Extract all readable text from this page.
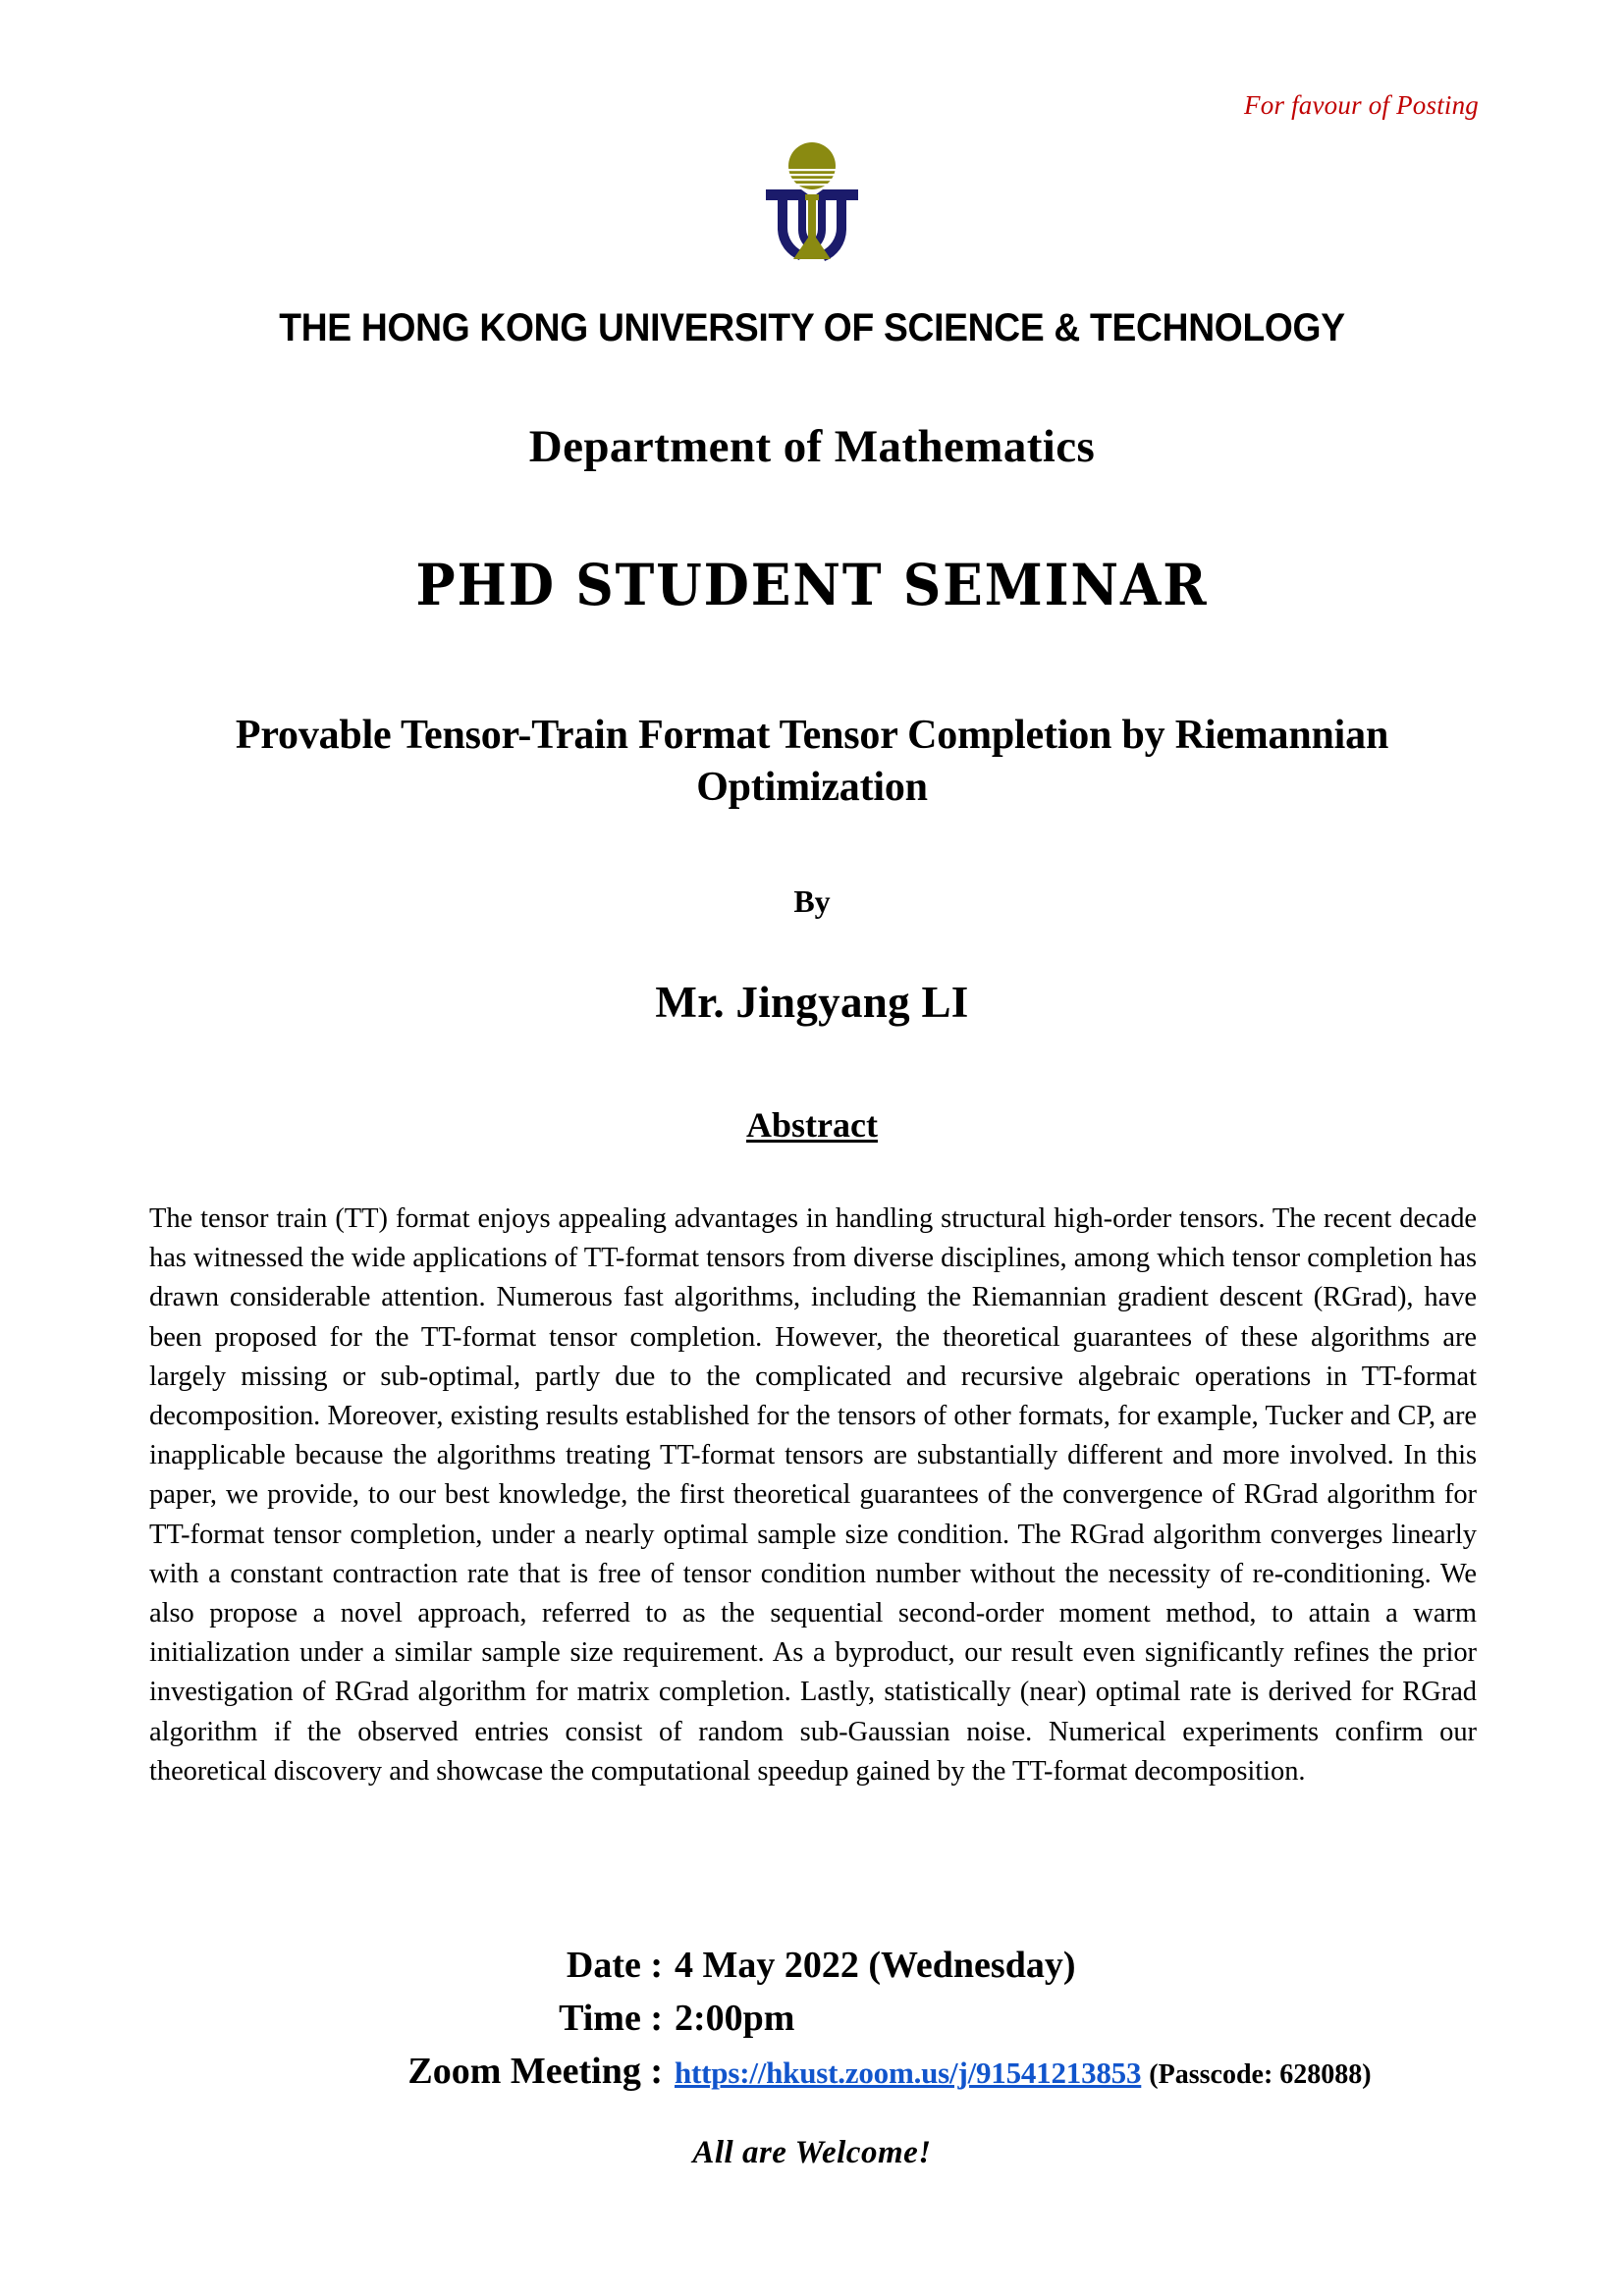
For favour of Posting
THE HONG KONG UNIVERSITY OF SCIENCE & TECHNOLOGY
Department of Mathematics
PHD STUDENT SEMINAR
Provable Tensor-Train Format Tensor Completion by Riemannian Optimization
By
Mr. Jingyang LI
Abstract
The tensor train (TT) format enjoys appealing advantages in handling structural high-order tensors. The recent decade has witnessed the wide applications of TT-format tensors from diverse disciplines, among which tensor completion has drawn considerable attention. Numerous fast algorithms, including the Riemannian gradient descent (RGrad), have been proposed for the TT-format tensor completion. However, the theoretical guarantees of these algorithms are largely missing or sub-optimal, partly due to the complicated and recursive algebraic operations in TT-format decomposition. Moreover, existing results established for the tensors of other formats, for example, Tucker and CP, are inapplicable because the algorithms treating TT-format tensors are substantially different and more involved. In this paper, we provide, to our best knowledge, the first theoretical guarantees of the convergence of RGrad algorithm for TT-format tensor completion, under a nearly optimal sample size condition. The RGrad algorithm converges linearly with a constant contraction rate that is free of tensor condition number without the necessity of re-conditioning. We also propose a novel approach, referred to as the sequential second-order moment method, to attain a warm initialization under a similar sample size requirement. As a byproduct, our result even significantly refines the prior investigation of RGrad algorithm for matrix completion. Lastly, statistically (near) optimal rate is derived for RGrad algorithm if the observed entries consist of random sub-Gaussian noise. Numerical experiments confirm our theoretical discovery and showcase the computational speedup gained by the TT-format decomposition.
Date : 4 May 2022 (Wednesday)
Time : 2:00pm
Zoom Meeting : https://hkust.zoom.us/j/91541213853 (Passcode: 628088)
All are Welcome!
